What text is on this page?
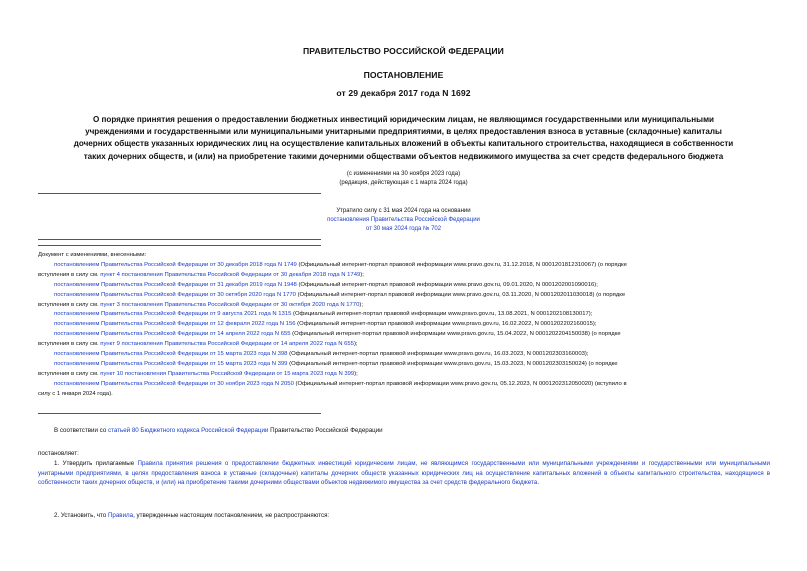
ПРАВИТЕЛЬСТВО РОССИЙСКОЙ ФЕДЕРАЦИИ
ПОСТАНОВЛЕНИЕ
от 29 декабря 2017 года N 1692
О порядке принятия решения о предоставлении бюджетных инвестиций юридическим лицам, не являющимся государственными или муниципальными
учреждениями и государственными или муниципальными унитарными предприятиями, в целях предоставления взноса в уставные (складочные) капиталы
дочерних обществ указанных юридических лиц на осуществление капитальных вложений в объекты капитального строительства, находящиеся в собственности
таких дочерних обществ, и (или) на приобретение такими дочерними обществами объектов недвижимого имущества за счет средств федерального бюджета
(с изменениями на 30 ноября 2023 года)
(редакция, действующая с 1 марта 2024 года)
Утратило силу с 31 мая 2024 года на основании
постановления Правительства Российской Федерации
от 30 мая 2024 года № 702
Документ с изменениями, внесенными:
постановлением Правительства Российской Федерации от 30 декабря 2018 года N 1749 (Официальный интернет-портал правовой информации www.pravo.gov.ru, 31.12.2018, N 0001201812310067) (о порядке
вступления в силу см. пункт 4 постановления Правительства Российской Федерации от 30 декабря 2018 года N 1749);
постановлением Правительства Российской Федерации от 31 декабря 2019 года N 1948 (Официальный интернет-портал правовой информации www.pravo.gov.ru, 09.01.2020, N 0001202001090016);
постановлением Правительства Российской Федерации от 30 октября 2020 года N 1770 (Официальный интернет-портал правовой информации www.pravo.gov.ru, 03.11.2020, N 0001202011030018) (о порядке
вступления в силу см. пункт 3 постановления Правительства Российской Федерации от 30 октября 2020 года N 1770);
постановлением Правительства Российской Федерации от 9 августа 2021 года N 1315 (Официальный интернет-портал правовой информации www.pravo.gov.ru, 13.08.2021, N 0001202108130017);
постановлением Правительства Российской Федерации от 12 февраля 2022 года N 156 (Официальный интернет-портал правовой информации www.pravo.gov.ru, 16.02.2022, N 0001202202160015);
постановлением Правительства Российской Федерации от 14 апреля 2022 года N 655 (Официальный интернет-портал правовой информации www.pravo.gov.ru, 15.04.2022, N 0001202204150038) (о порядке
вступления в силу см. пункт 9 постановления Правительства Российской Федерации от 14 апреля 2022 года N 655);
постановлением Правительства Российской Федерации от 15 марта 2023 года N 398 (Официальный интернет-портал правовой информации www.pravo.gov.ru, 16.03.2023, N 0001202303160003);
постановлением Правительства Российской Федерации от 15 марта 2023 года N 399 (Официальный интернет-портал правовой информации www.pravo.gov.ru, 15.03.2023, N 0001202303150024) (о порядке
вступления в силу см. пункт 10 постановления Правительства Российской Федерации от 15 марта 2023 года N 399);
постановлением Правительства Российской Федерации от 30 ноября 2023 года N 2050 (Официальный интернет-портал правовой информации www.pravo.gov.ru, 05.12.2023, N 0001202312050020) (вступило в
силу с 1 января 2024 года).
В соответствии со статьей 80 Бюджетного кодекса Российской Федерации Правительство Российской Федерации
постановляет:
1. Утвердить прилагаемые Правила принятия решения о предоставлении бюджетных инвестиций юридическим лицам, не являющимся государственными или муниципальными учреждениями и государственными или муниципальными унитарными предприятиями, в целях предоставления взноса в уставные (складочные) капиталы дочерних обществ указанных юридических лиц на осуществление капитальных вложений в объекты капитального строительства, находящиеся в собственности таких дочерних обществ, и (или) на приобретение такими дочерними обществами объектов недвижимого имущества за счет средств федерального бюджета.
2. Установить, что Правила, утвержденные настоящим постановлением, не распространяются:
